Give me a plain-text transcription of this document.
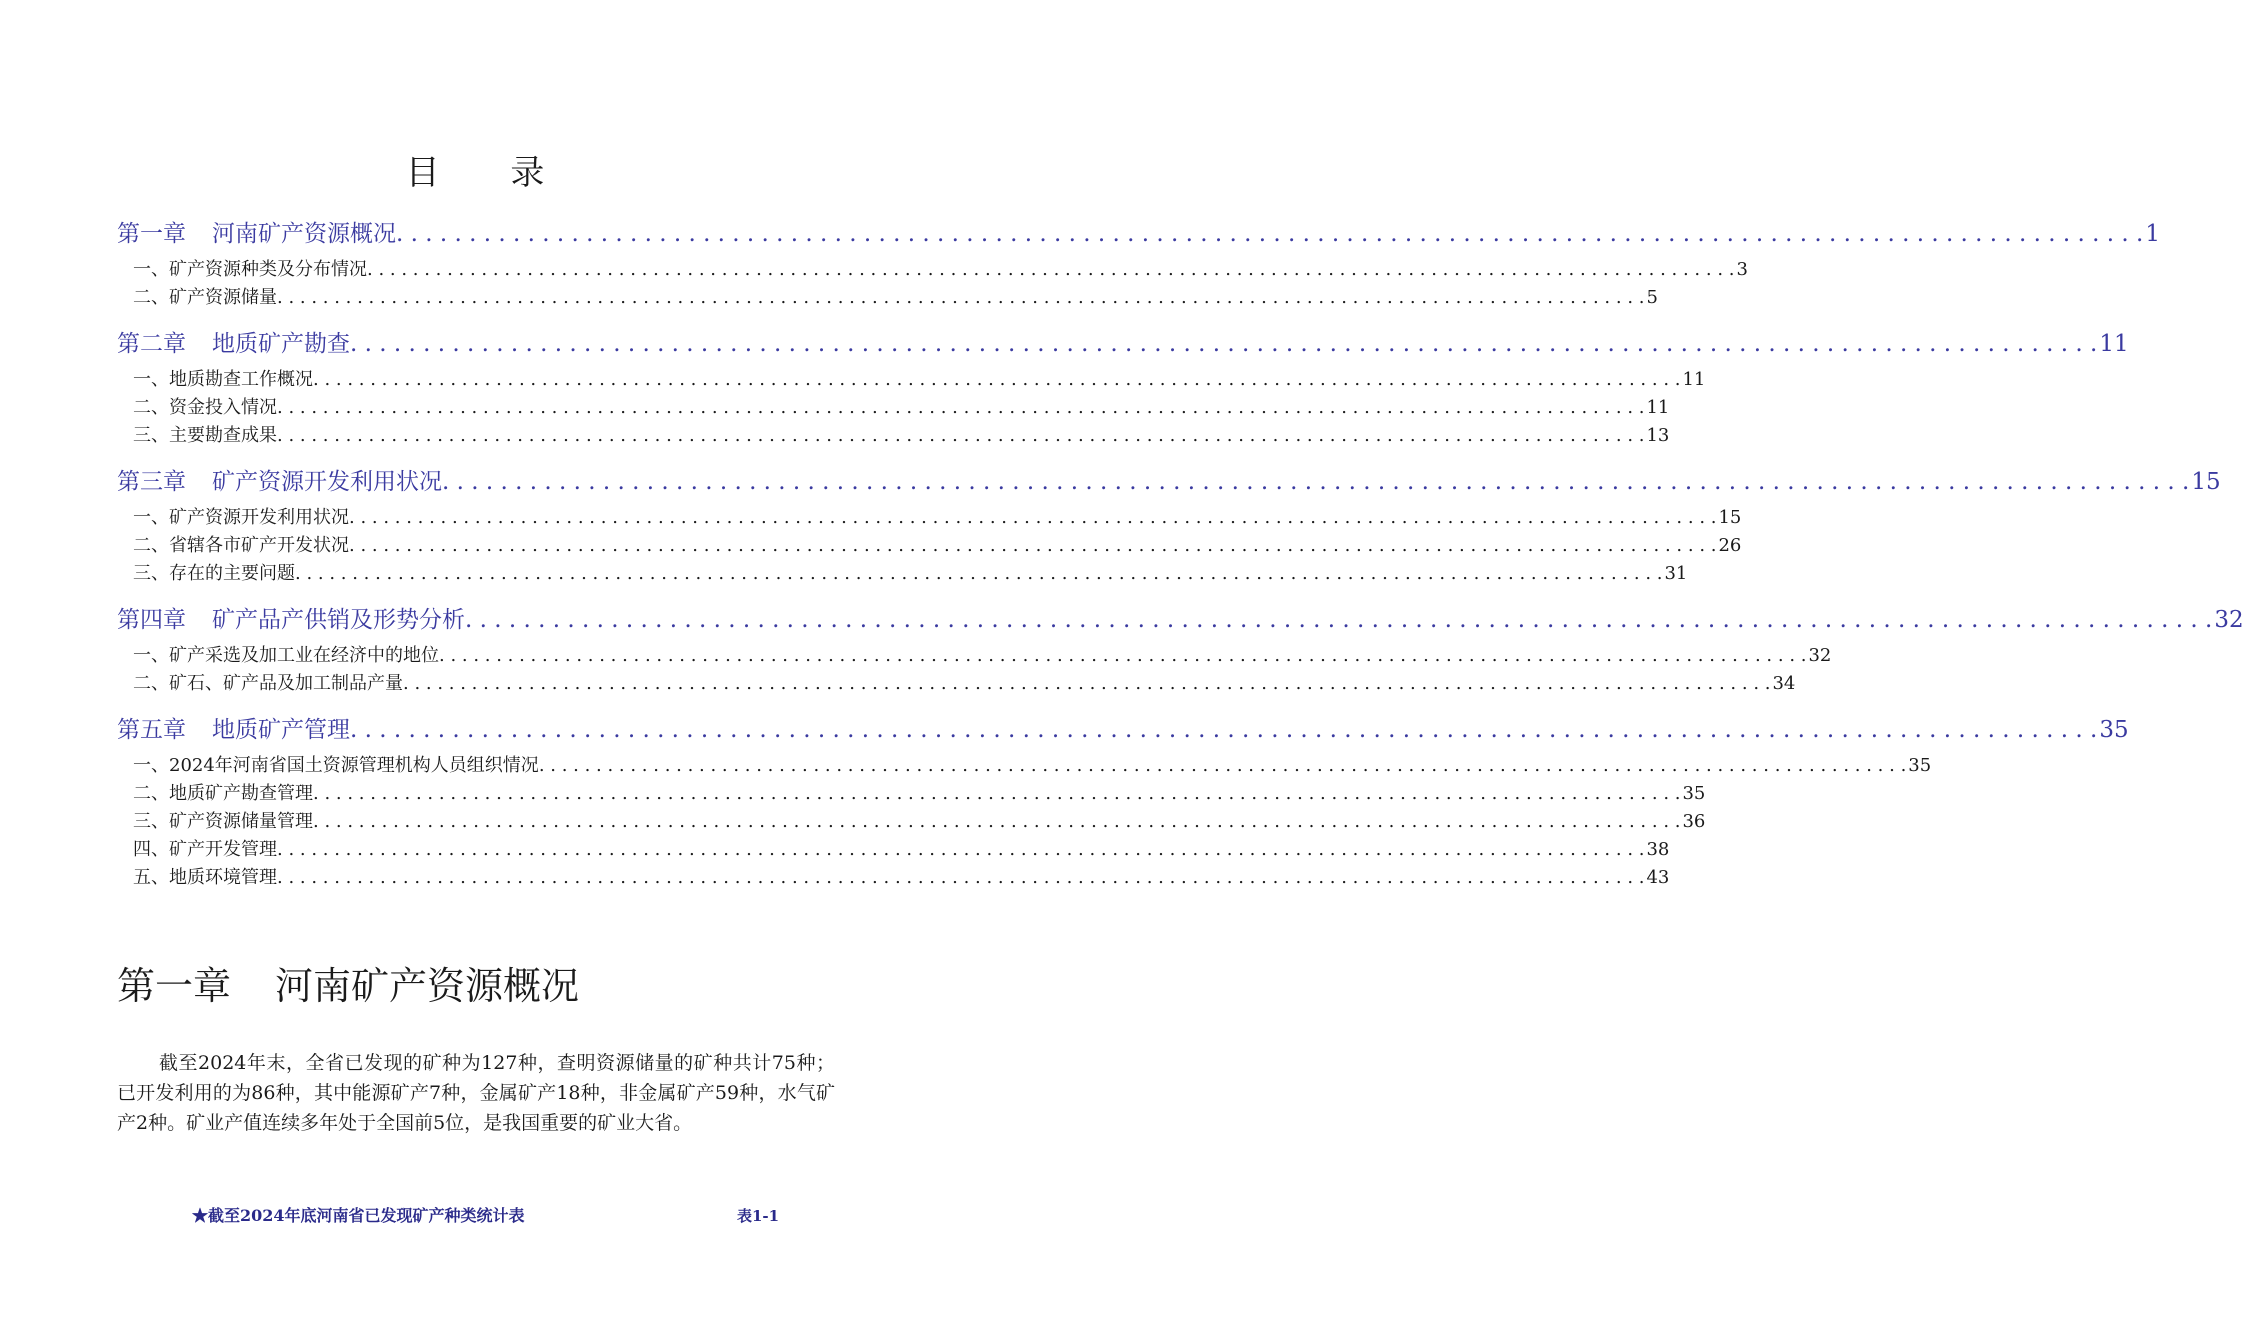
目 录
第一章 河南矿产资源概况 . . . . . . . . . . . . . . . . . . . . . . . . . . . . . . . . . . . . . . . . . . . . . . . . . . . . . . . . . . . . . . . . . . . . . . . . . . . . . . . . . . . . . . . . . . . . . . . . . . . . . . . . . . . . . . . . . . . . . . . . 1
一、矿产资源种类及分布情况 . . . . . . . . . . . . . . . . . . . . . . . . . . . . . . . . . . . . . . . . . . . . . . . . . . . . . . . . . . . . . . . . . . . . . . . . . . . . . . . . . . . . . . . . . . . . . . . . . . . . . . . . . . . . . . . . . . . . . . . . 3
二、矿产资源储量 . . . . . . . . . . . . . . . . . . . . . . . . . . . . . . . . . . . . . . . . . . . . . . . . . . . . . . . . . . . . . . . . . . . . . . . . . . . . . . . . . . . . . . . . . . . . . . . . . . . . . . . . . . . . . . . . . . . . . . . . 5
第二章 地质矿产勘查 . . . . . . . . . . . . . . . . . . . . . . . . . . . . . . . . . . . . . . . . . . . . . . . . . . . . . . . . . . . . . . . . . . . . . . . . . . . . . . . . . . . . . . . . . . . . . . . . . . . . . . . . . . . . . . . . . . . . . . . . 11
一、地质勘查工作概况 . . . . . . . . . . . . . . . . . . . . . . . . . . . . . . . . . . . . . . . . . . . . . . . . . . . . . . . . . . . . . . . . . . . . . . . . . . . . . . . . . . . . . . . . . . . . . . . . . . . . . . . . . . . . . . . . . . . . . . . . 11
二、资金投入情况 . . . . . . . . . . . . . . . . . . . . . . . . . . . . . . . . . . . . . . . . . . . . . . . . . . . . . . . . . . . . . . . . . . . . . . . . . . . . . . . . . . . . . . . . . . . . . . . . . . . . . . . . . . . . . . . . . . . . . . . . 11
三、主要勘查成果 . . . . . . . . . . . . . . . . . . . . . . . . . . . . . . . . . . . . . . . . . . . . . . . . . . . . . . . . . . . . . . . . . . . . . . . . . . . . . . . . . . . . . . . . . . . . . . . . . . . . . . . . . . . . . . . . . . . . . . . . 13
第三章 矿产资源开发利用状况 . . . . . . . . . . . . . . . . . . . . . . . . . . . . . . . . . . . . . . . . . . . . . . . . . . . . . . . . . . . . . . . . . . . . . . . . . . . . . . . . . . . . . . . . . . . . . . . . . . . . . . . . . . . . . . . . . . . . . . . . 15
一、矿产资源开发利用状况 . . . . . . . . . . . . . . . . . . . . . . . . . . . . . . . . . . . . . . . . . . . . . . . . . . . . . . . . . . . . . . . . . . . . . . . . . . . . . . . . . . . . . . . . . . . . . . . . . . . . . . . . . . . . . . . . . . . . . . . . 15
二、省辖各市矿产开发状况 . . . . . . . . . . . . . . . . . . . . . . . . . . . . . . . . . . . . . . . . . . . . . . . . . . . . . . . . . . . . . . . . . . . . . . . . . . . . . . . . . . . . . . . . . . . . . . . . . . . . . . . . . . . . . . . . . . . . . . . . 26
三、存在的主要问题 . . . . . . . . . . . . . . . . . . . . . . . . . . . . . . . . . . . . . . . . . . . . . . . . . . . . . . . . . . . . . . . . . . . . . . . . . . . . . . . . . . . . . . . . . . . . . . . . . . . . . . . . . . . . . . . . . . . . . . . . 31
第四章 矿产品产供销及形势分析 . . . . . . . . . . . . . . . . . . . . . . . . . . . . . . . . . . . . . . . . . . . . . . . . . . . . . . . . . . . . . . . . . . . . . . . . . . . . . . . . . . . . . . . . . . . . . . . . . . . . . . . . . . . . . . . . . . . . . . . . 32
一、矿产采选及加工业在经济中的地位 . . . . . . . . . . . . . . . . . . . . . . . . . . . . . . . . . . . . . . . . . . . . . . . . . . . . . . . . . . . . . . . . . . . . . . . . . . . . . . . . . . . . . . . . . . . . . . . . . . . . . . . . . . . . . . . . . . . . . . . . 32
二、矿石、矿产品及加工制品产量 . . . . . . . . . . . . . . . . . . . . . . . . . . . . . . . . . . . . . . . . . . . . . . . . . . . . . . . . . . . . . . . . . . . . . . . . . . . . . . . . . . . . . . . . . . . . . . . . . . . . . . . . . . . . . . . . . . . . . . . . 34
第五章 地质矿产管理 . . . . . . . . . . . . . . . . . . . . . . . . . . . . . . . . . . . . . . . . . . . . . . . . . . . . . . . . . . . . . . . . . . . . . . . . . . . . . . . . . . . . . . . . . . . . . . . . . . . . . . . . . . . . . . . . . . . . . . . . 35
一、2024年河南省国土资源管理机构人员组织情况 . . . . . . . . . . . . . . . . . . . . . . . . . . . . . . . . . . . . . . . . . . . . . . . . . . . . . . . . . . . . . . . . . . . . . . . . . . . . . . . . . . . . . . . . . . . . . . . . . . . . . . . . . . . . . . . . . . . . . . . . 35
二、地质矿产勘查管理 . . . . . . . . . . . . . . . . . . . . . . . . . . . . . . . . . . . . . . . . . . . . . . . . . . . . . . . . . . . . . . . . . . . . . . . . . . . . . . . . . . . . . . . . . . . . . . . . . . . . . . . . . . . . . . . . . . . . . . . . 35
三、矿产资源储量管理 . . . . . . . . . . . . . . . . . . . . . . . . . . . . . . . . . . . . . . . . . . . . . . . . . . . . . . . . . . . . . . . . . . . . . . . . . . . . . . . . . . . . . . . . . . . . . . . . . . . . . . . . . . . . . . . . . . . . . . . . 36
四、矿产开发管理 . . . . . . . . . . . . . . . . . . . . . . . . . . . . . . . . . . . . . . . . . . . . . . . . . . . . . . . . . . . . . . . . . . . . . . . . . . . . . . . . . . . . . . . . . . . . . . . . . . . . . . . . . . . . . . . . . . . . . . . . 38
五、地质环境管理 . . . . . . . . . . . . . . . . . . . . . . . . . . . . . . . . . . . . . . . . . . . . . . . . . . . . . . . . . . . . . . . . . . . . . . . . . . . . . . . . . . . . . . . . . . . . . . . . . . . . . . . . . . . . . . . . . . . . . . . . 43
第一章 河南矿产资源概况
截至2024年末，全省已发现的矿种为127种，查明资源储量的矿种共计75种；已开发利用的为86种，其中能源矿产7种，金属矿产18种，非金属矿产59种，水气矿产2种。矿业产值连续多年处于全国前5位，是我国重要的矿业大省。
★截至2024年底河南省已发现矿产种类统计表	表1-1
